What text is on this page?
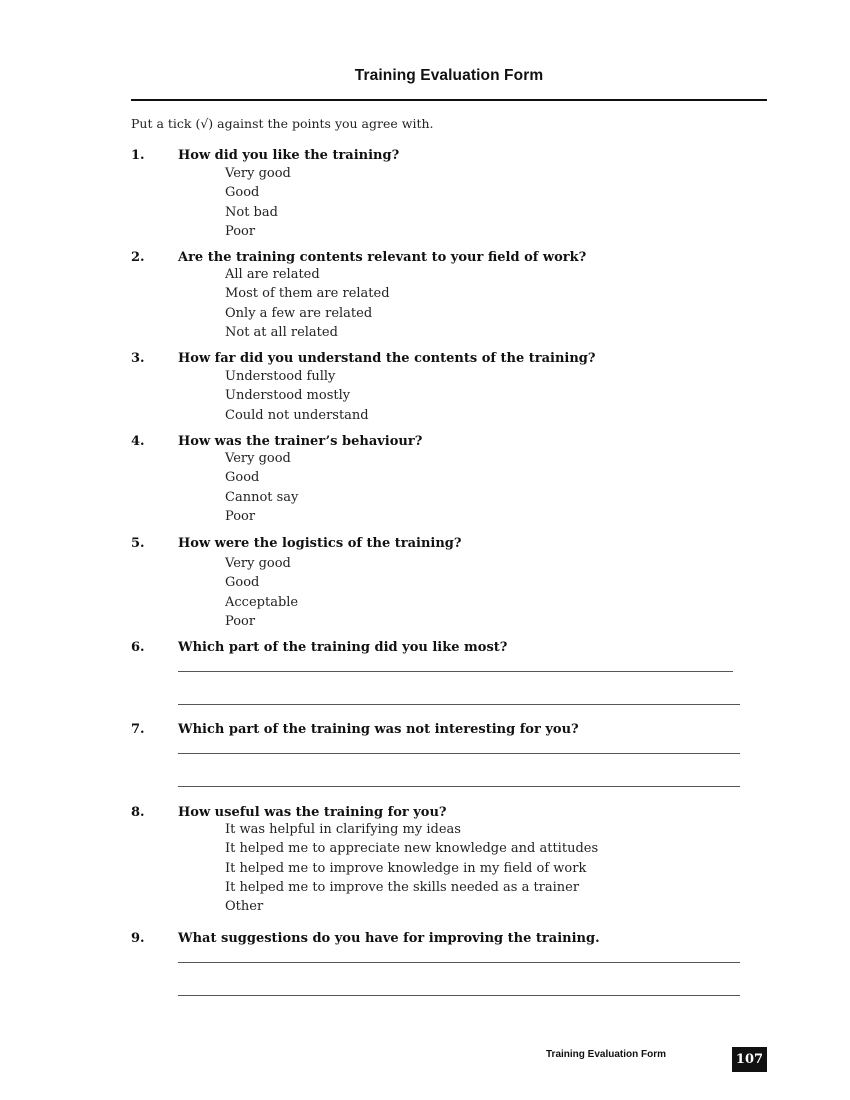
Training Evaluation Form
Put a tick (√) against the points you agree with.
1.	How did you like the training?
Very good
Good
Not bad
Poor
2.	Are the training contents relevant to your field of work?
All are related
Most of them are related
Only a few are related
Not at all related
3.	How far did you understand the contents of the training?
Understood fully
Understood mostly
Could not understand
4.	How was the trainer’s behaviour?
Very good
Good
Cannot say
Poor
5.	How were the logistics of the training?
Very good
Good
Acceptable
Poor
6.	Which part of the training did you like most?
7.	Which part of the training was not interesting for you?
8.	How useful was the training for you?
It was helpful in clarifying my ideas
It helped me to appreciate new knowledge and attitudes
It helped me to improve knowledge in my field of work
It helped me to improve the skills needed as a trainer
Other
9.	What suggestions do you have for improving the training.
Training Evaluation Form	107
